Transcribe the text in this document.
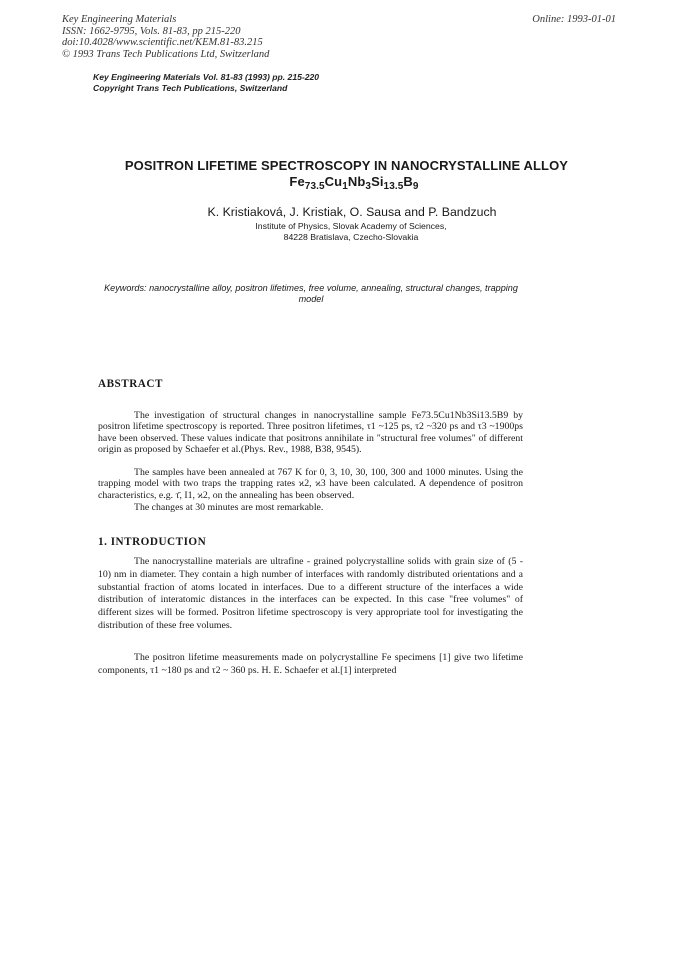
Key Engineering Materials
ISSN: 1662-9795, Vols. 81-83, pp 215-220
doi:10.4028/www.scientific.net/KEM.81-83.215
© 1993 Trans Tech Publications Ltd, Switzerland
Online: 1993-01-01
Key Engineering Materials Vol. 81-83 (1993) pp. 215-220
Copyright Trans Tech Publications, Switzerland
POSITRON LIFETIME SPECTROSCOPY IN NANOCRYSTALLINE ALLOY
$Fe_{73.5}Cu_1Nb_3Si_{13.5}B_9$
K. Kristiaková, J. Kristiak, O. Sausa and P. Bandzuch
Institute of Physics, Slovak Academy of Sciences,
84228 Bratislava, Czecho-Slovakia
Keywords: nanocrystalline alloy, positron lifetimes, free volume, annealing, structural changes, trapping model
ABSTRACT
The investigation of structural changes in nanocrystalline sample Fe73.5Cu1Nb3Si13.5B9 by positron lifetime spectroscopy is reported. Three positron lifetimes, τ1 ~125 ps, τ2 ~320 ps and τ3 ~1900ps have been observed. These values indicate that positrons annihilate in "structural free volumes" of different origin as proposed by Schaefer et al.(Phys. Rev., 1988, B38, 9545).
The samples have been annealed at 767 K for 0, 3, 10, 30, 100, 300 and 1000 minutes. Using the trapping model with two traps the trapping rates ϰ2, ϰ3 have been calculated. A dependence of positron characteristics, e.g. τ̄, I1, ϰ2, on the annealing has been observed.
The changes at 30 minutes are most remarkable.
1. INTRODUCTION
The nanocrystalline materials are ultrafine - grained polycrystalline solids with grain size of (5 - 10) nm in diameter. They contain a high number of interfaces with randomly distributed orientations and a substantial fraction of atoms located in interfaces. Due to a different structure of the interfaces a wide distribution of interatomic distances in the interfaces can be expected. In this case "free volumes" of different sizes will be formed. Positron lifetime spectroscopy is very appropriate tool for investigating the distribution of these free volumes.
The positron lifetime measurements made on polycrystalline Fe specimens [1] give two lifetime components, τ1 ~180 ps and τ2 ~ 360 ps. H. E. Schaefer et al.[1] interpreted
